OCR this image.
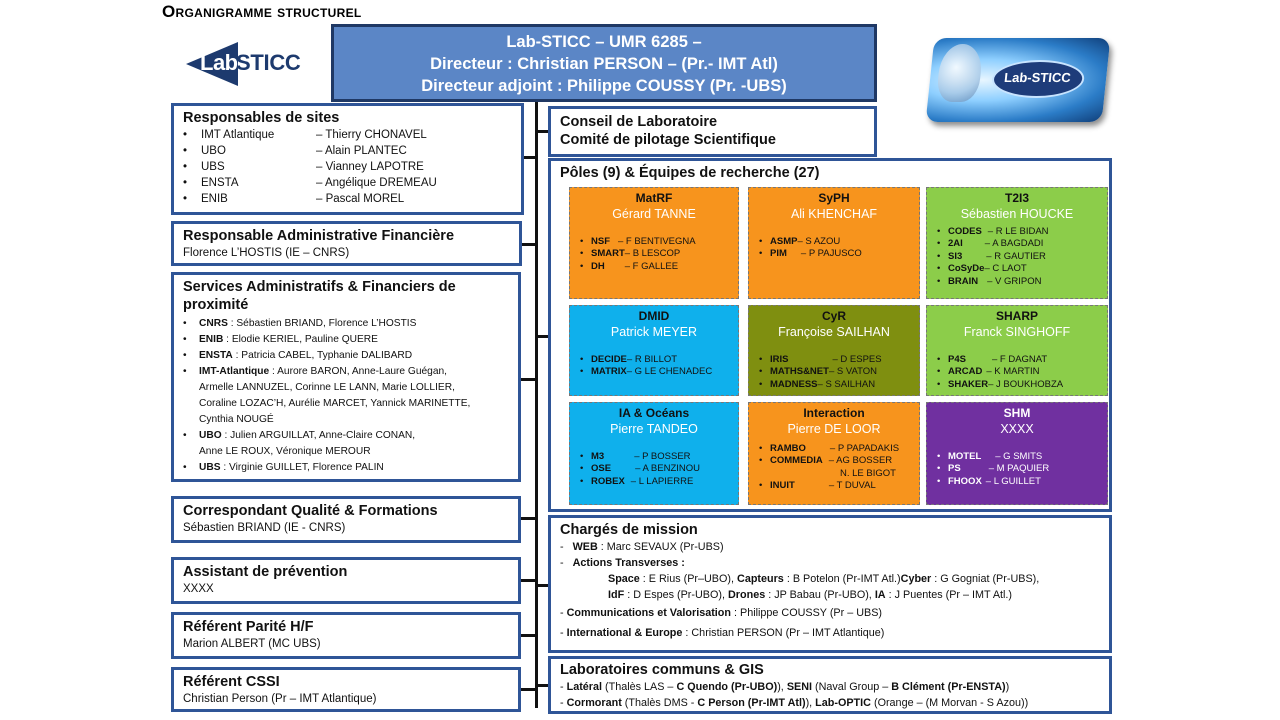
Organigramme structurel
Lab-
STICC
Lab-STICC – UMR 6285 –
Directeur : Christian PERSON – (Pr.- IMT Atl)
Directeur adjoint : Philippe COUSSY (Pr. -UBS)	Lab-STICC
Responsables de sites
•	IMT Atlantique	– Thierry CHONAVEL
•	UBO	– Alain PLANTEC
•	UBS	– Vianney LAPOTRE
•	ENSTA	– Angélique DREMEAU
•	ENIB	– Pascal MOREL
Responsable Administrative Financière
Florence L’HOSTIS (IE – CNRS)
Services Administratifs & Financiers de proximité
•	CNRS : Sébastien BRIAND, Florence L’HOSTIS
•	ENIB : Elodie KERIEL, Pauline QUERE
•	ENSTA : Patricia CABEL, Typhanie DALIBARD
•	IMT-Atlantique : Aurore BARON, Anne-Laure Guégan,
Armelle LANNUZEL, Corinne LE LANN, Marie LOLLIER,
Coraline LOZAC’H, Aurélie MARCET, Yannick MARINETTE,
Cynthia NOUGÉ
•	UBO : Julien ARGUILLAT, Anne-Claire CONAN,
Anne LE ROUX, Véronique MEROUR
•	UBS : Virginie GUILLET, Florence PALIN
Correspondant Qualité & Formations
Sébastien BRIAND (IE - CNRS)
Assistant de prévention
XXXX
Référent Parité H/F
Marion ALBERT (MC UBS)
Référent CSSI
Christian Person (Pr – IMT Atlantique)
Conseil de Laboratoire
Comité de pilotage Scientifique
Pôles (9) & Équipes de recherche (27)
MatRF
Gérard TANNE
• NSF – F BENTIVEGNA
• SMART – B LESCOP
• DH	– F GALLEE
SyPH
Ali KHENCHAF
• ASMP – S AZOU
• PIM	– P PAJUSCO
T2I3
Sébastien HOUCKE
• CODES – R LE BIDAN
• 2AI	– A BAGDADI
• SI3	– R GAUTIER
• CoSyDe – C LAOT
• BRAIN – V GRIPON
DMID
Patrick MEYER
• DECIDE – R BILLOT
• MATRIX – G LE CHENADEC
CyR
Françoise SAILHAN
• IRIS	– D ESPES
• MATHS&NET – S VATON
• MADNESS – S SAILHAN
SHARP
Franck SINGHOFF
• P4S	– F DAGNAT
• ARCAD – K MARTIN
• SHAKER – J BOUKHOBZA
IA & Océans
Pierre TANDEO
• M3	– P BOSSER
• OSE	– A BENZINOU
• ROBEX – L LAPIERRE
Interaction
Pierre DE LOOR
• RAMBO	– P PAPADAKIS
• COMMEDIA – AG BOSSER
N. LE BIGOT
• INUIT	– T DUVAL
SHM
XXXX
• MOTEL	– G SMITS
• PS	– M PAQUIER
• FHOOX – L GUILLET
Chargés de mission
-   WEB : Marc SEVAUX (Pr-UBS)
-   Actions Transverses :
Space : E Rius (Pr–UBO), Capteurs : B Potelon (Pr-IMT Atl.)Cyber : G Gogniat (Pr-UBS),
IdF : D Espes (Pr-UBO), Drones : JP Babau (Pr-UBO), IA : J Puentes (Pr – IMT Atl.)
- Communications et Valorisation : Philippe COUSSY (Pr – UBS)
- International & Europe : Christian PERSON (Pr – IMT Atlantique)
Laboratoires communs & GIS
- Latéral (Thalès LAS – C Quendo (Pr-UBO)), SENI (Naval Group – B Clément (Pr-ENSTA))
- Cormorant (Thalès DMS - C Person (Pr-IMT Atl)), Lab-OPTIC (Orange – (M Morvan - S Azou))
